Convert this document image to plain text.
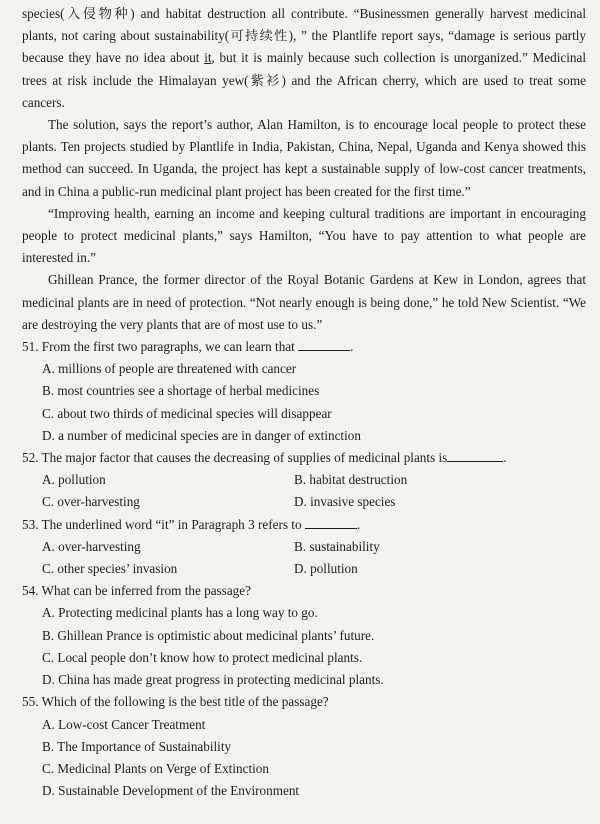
species(入侵物种) and habitat destruction all contribute. “Businessmen generally harvest medicinal plants, not caring about sustainability(可持续性), ” the Plantlife report says, “damage is serious partly because they have no idea about it, but it is mainly because such collection is unorganized.” Medicinal trees at risk include the Himalayan yew(紫衫) and the African cherry, which are used to treat some cancers.

The solution, says the report’s author, Alan Hamilton, is to encourage local people to protect these plants. Ten projects studied by Plantlife in India, Pakistan, China, Nepal, Uganda and Kenya showed this method can succeed. In Uganda, the project has kept a sustainable supply of low-cost cancer treatments, and in China a public-run medicinal plant project has been created for the first time.”

“Improving health, earning an income and keeping cultural traditions are important in encouraging people to protect medicinal plants,” says Hamilton, “You have to pay attention to what people are interested in.”

Ghillean Prance, the former director of the Royal Botanic Gardens at Kew in London, agrees that medicinal plants are in need of protection. “Not nearly enough is being done,” he told New Scientist. “We are destroying the very plants that are of most use to us.”

51. From the first two paragraphs, we can learn that	.

A. millions of people are threatened with cancer

B. most countries see a shortage of herbal medicines

C. about two thirds of medicinal species will disappear

D. a number of medicinal species are in danger of extinction

52. The major factor that causes the decreasing of supplies of medicinal plants is	.

A. pollution	B. habitat destruction

C. over-harvesting	D. invasive species

53. The underlined word “it” in Paragraph 3 refers to	.

A. over-harvesting	B. sustainability

C. other species’ invasion	D. pollution

54. What can be inferred from the passage?

A. Protecting medicinal plants has a long way to go.

B. Ghillean Prance is optimistic about medicinal plants’ future.

C. Local people don’t know how to protect medicinal plants.

D. China has made great progress in protecting medicinal plants.

55. Which of the following is the best title of the passage?

A. Low-cost Cancer Treatment

B. The Importance of Sustainability

C. Medicinal Plants on Verge of Extinction

D. Sustainable Development of the Environment
